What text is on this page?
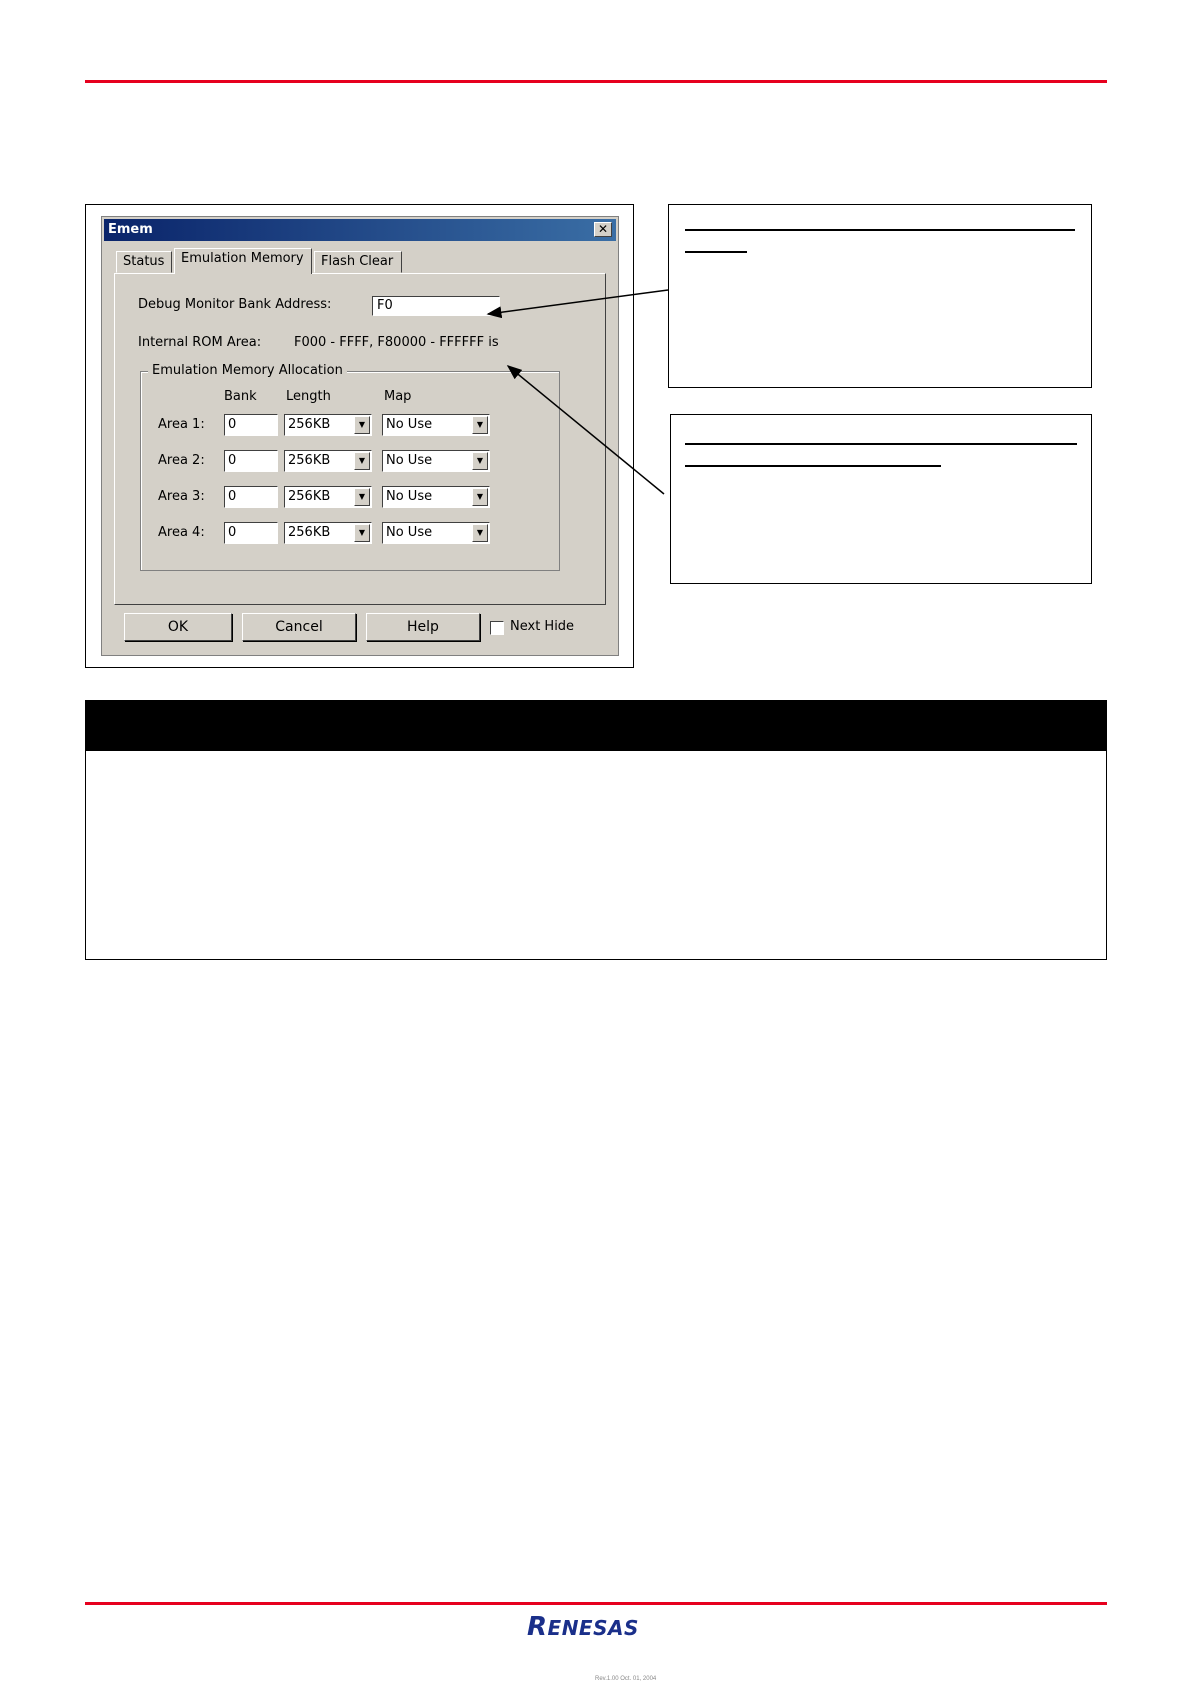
Emem	✕
Status	Emulation Memory	Flash Clear
Debug Monitor Bank Address:	F0
Internal ROM Area:	F000 - FFFF, F80000 - FFFFFF is
Emulation Memory Allocation
Bank Length	Map
Area 1:	0	256KB	▼	No Use	▼
Area 2:	0	256KB	▼	No Use	▼
Area 3:	0	256KB	▼	No Use	▼
Area 4:	0	256KB	▼	No Use	▼
OK	Cancel	Help	Next Hide
RENESAS
Rev.1.00 Oct. 01, 2004
